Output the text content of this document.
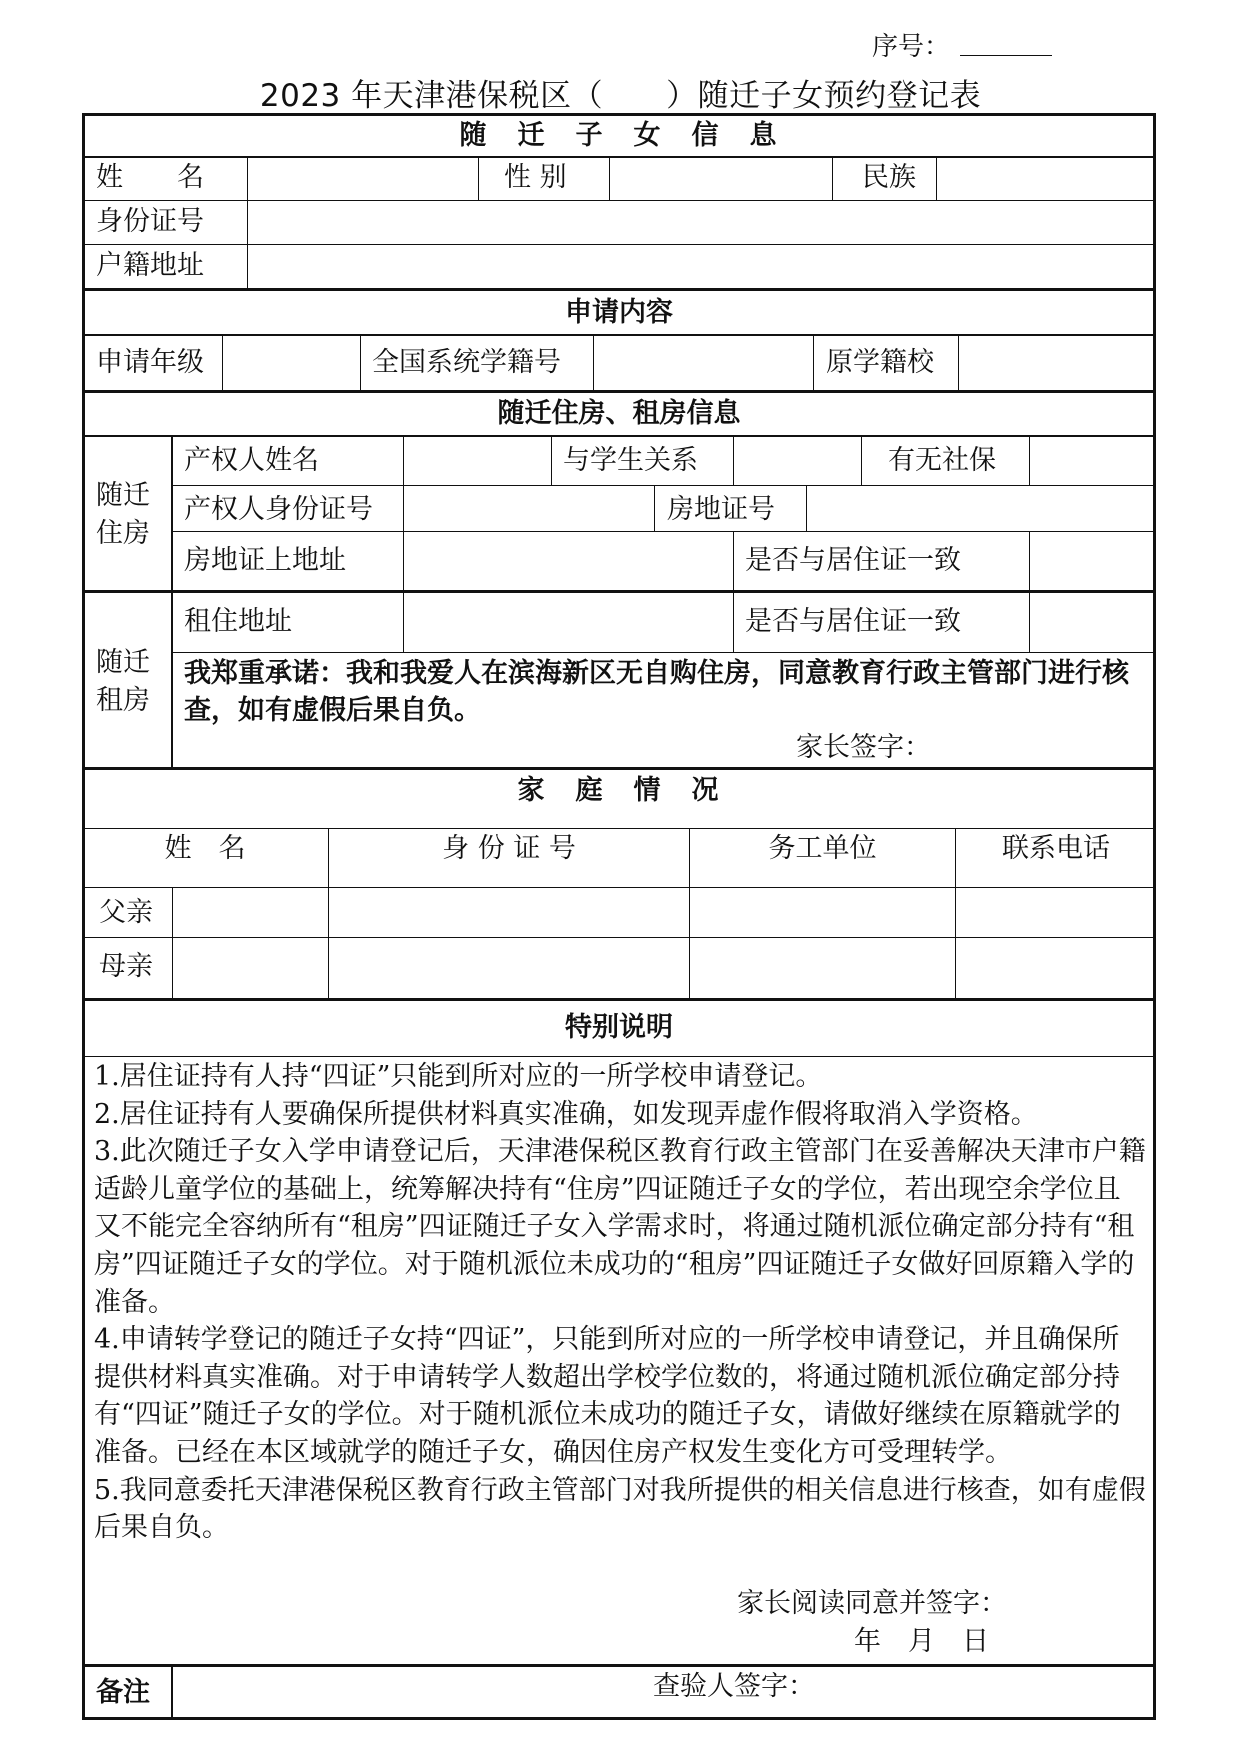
序号：
2023 年天津港保税区（　　）随迁子女预约登记表
随　迁　子　女　信　息
姓　　名	性 别	民族
身份证号
户籍地址
申请内容
申请年级	全国系统学籍号	原学籍校
随迁住房、租房信息
随迁
住房
产权人姓名	与学生关系	有无社保
产权人身份证号	房地证号
房地证上地址	是否与居住证一致
随迁
租房
租住地址	是否与居住证一致
我郑重承诺：我和我爱人在滨海新区无自购住房，同意教育行政主管部门进行核查，如有虚假后果自负。
家长签字：
家　庭　情　况
姓　名	身 份 证 号	务工单位	联系电话
父亲
母亲
特别说明

1.居住证持有人持“四证”只能到所对应的一所学校申请登记。

2.居住证持有人要确保所提供材料真实准确，如发现弄虚作假将取消入学资格。

3.此次随迁子女入学申请登记后，天津港保税区教育行政主管部门在妥善解决天津市户籍适龄儿童学位的基础上，统筹解决持有“住房”四证随迁子女的学位，若出现空余学位且又不能完全容纳所有“租房”四证随迁子女入学需求时，将通过随机派位确定部分持有“租房”四证随迁子女的学位。对于随机派位未成功的“租房”四证随迁子女做好回原籍入学的准备。

4.申请转学登记的随迁子女持“四证”，只能到所对应的一所学校申请登记，并且确保所提供材料真实准确。对于申请转学人数超出学校学位数的，将通过随机派位确定部分持有“四证”随迁子女的学位。对于随机派位未成功的随迁子女，请做好继续在原籍就学的准备。已经在本区域就学的随迁子女，确因住房产权发生变化方可受理转学。

5.我同意委托天津港保税区教育行政主管部门对我所提供的相关信息进行核查，如有虚假后果自负。

家长阅读同意并签字：
年　月　日
备注	查验人签字：
